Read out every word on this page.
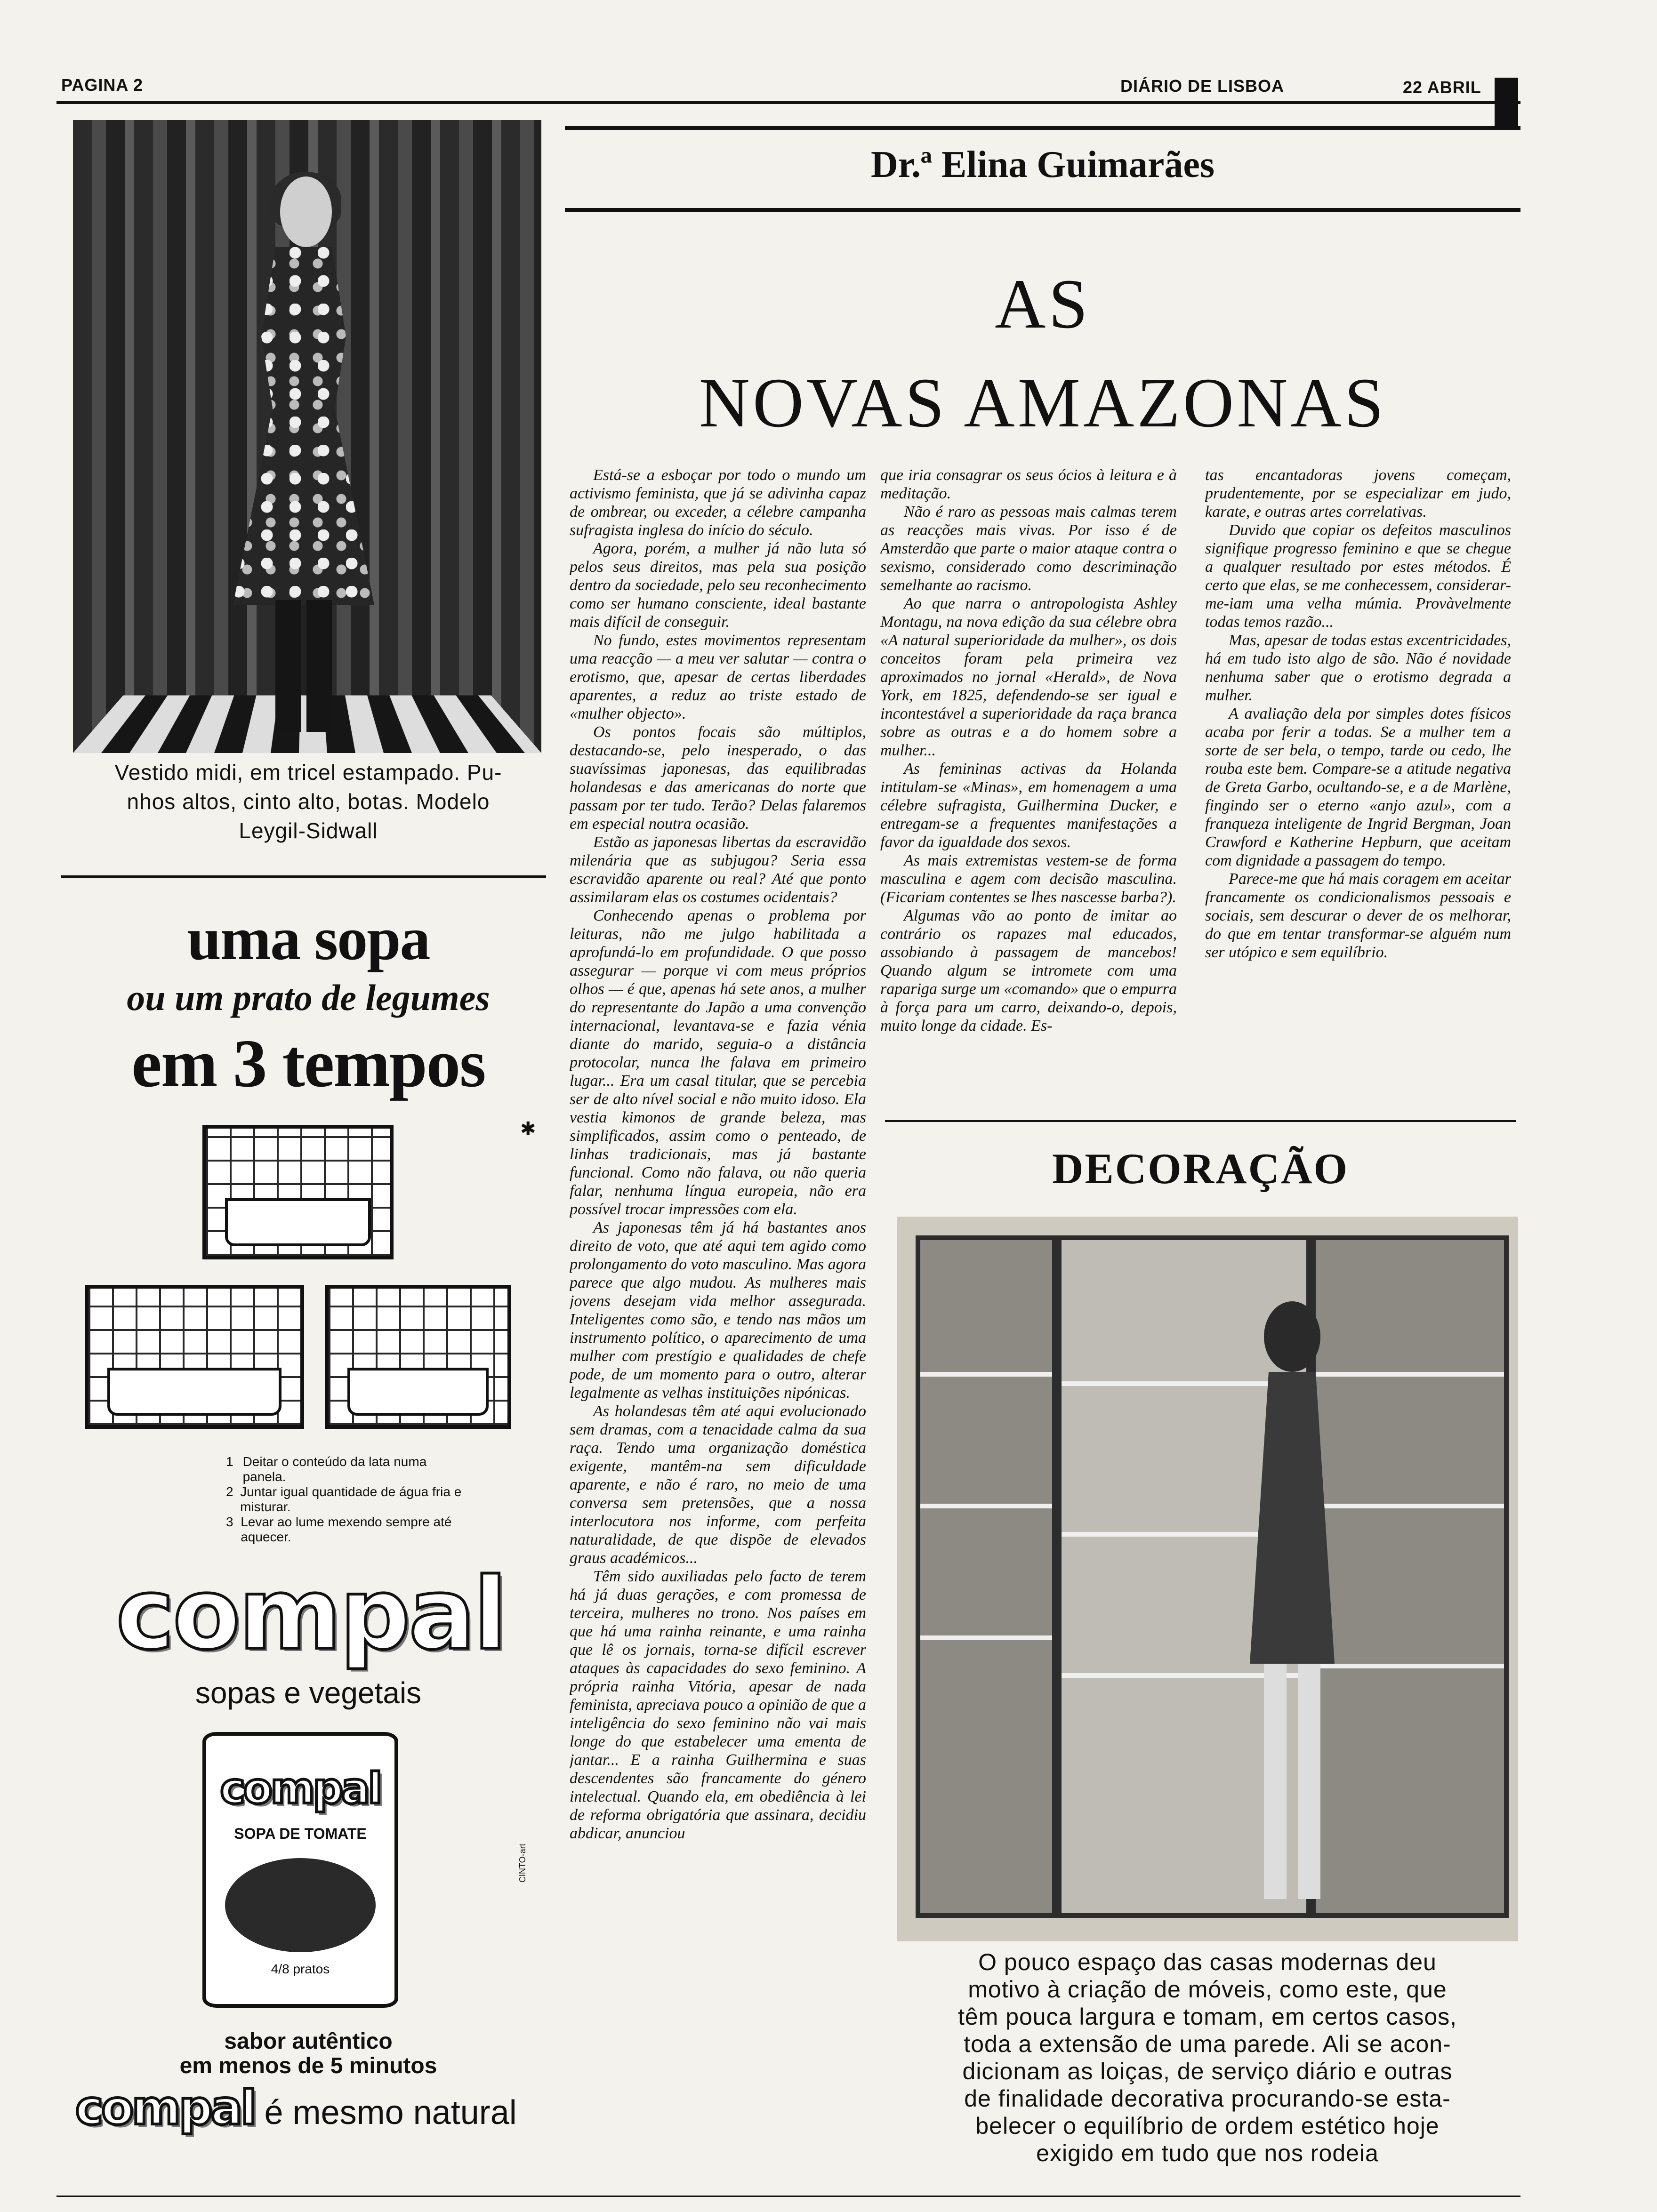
PAGINA 2	DIÁRIO DE LISBOA	22 ABRIL
Vestido midi, em tricel estampado. Pu-
nhos altos, cinto alto, botas. Modelo
Leygil-Sidwall
uma sopa
ou um prato de legumes
em 3 tempos
✱
1 Deitar o conteúdo da lata numa panela.
2 Juntar igual quantidade de água fria e misturar.
3 Levar ao lume mexendo sempre até aquecer.
compal
sopas e vegetais
compal
SOPA DE TOMATE
4/8 pratos
CINTO-art
sabor autêntico
em menos de 5 minutos
compal é mesmo natural
Dr.ª Elina Guimarães
AS
NOVAS AMAZONAS

Está-se a esboçar por todo o mundo um activismo feminista, que já se adivinha capaz de ombrear, ou exceder, a célebre campanha sufragista inglesa do início do século.

Agora, porém, a mulher já não luta só pelos seus direitos, mas pela sua posição dentro da sociedade, pelo seu reconhecimento como ser humano consciente, ideal bastante mais difícil de conseguir.

No fundo, estes movimentos representam uma reacção — a meu ver salutar — contra o erotismo, que, apesar de certas liberdades aparentes, a reduz ao triste estado de «mulher objecto».

Os pontos focais são múltiplos, destacando-se, pelo inesperado, o das suavíssimas japonesas, das equilibradas holandesas e das americanas do norte que passam por ter tudo. Terão? Delas falaremos em especial noutra ocasião.

Estão as japonesas libertas da escravidão milenária que as subjugou? Seria essa escravidão aparente ou real? Até que ponto assimilaram elas os costumes ocidentais?

Conhecendo apenas o problema por leituras, não me julgo habilitada a aprofundá-lo em profundidade. O que posso assegurar — porque vi com meus próprios olhos — é que, apenas há sete anos, a mulher do representante do Japão a uma convenção internacional, levantava-se e fazia vénia diante do marido, seguia-o a distância protocolar, nunca lhe falava em primeiro lugar... Era um casal titular, que se percebia ser de alto nível social e não muito idoso. Ela vestia kimonos de grande beleza, mas simplificados, assim como o penteado, de linhas tradicionais, mas já bastante funcional. Como não falava, ou não queria falar, nenhuma língua europeia, não era possível trocar impressões com ela.

As japonesas têm já há bastantes anos direito de voto, que até aqui tem agido como prolongamento do voto masculino. Mas agora parece que algo mudou. As mulheres mais jovens desejam vida melhor assegurada. Inteligentes como são, e tendo nas mãos um instrumento político, o aparecimento de uma mulher com prestígio e qualidades de chefe pode, de um momento para o outro, alterar legalmente as velhas instituições nipónicas.

As holandesas têm até aqui evolucionado sem dramas, com a tenacidade calma da sua raça. Tendo uma organização doméstica exigente, mantêm-na sem dificuldade aparente, e não é raro, no meio de uma conversa sem pretensões, que a nossa interlocutora nos informe, com perfeita naturalidade, de que dispõe de elevados graus académicos...

Têm sido auxiliadas pelo facto de terem há já duas gerações, e com promessa de terceira, mulheres no trono. Nos países em que há uma rainha reinante, e uma rainha que lê os jornais, torna-se difícil escrever ataques às capacidades do sexo feminino. A própria rainha Vitória, apesar de nada feminista, apreciava pouco a opinião de que a inteligência do sexo feminino não vai mais longe do que estabelecer uma ementa de jantar... E a rainha Guilhermina e suas descendentes são francamente do género intelectual. Quando ela, em obediência à lei de reforma obrigatória que assinara, decidiu abdicar, anunciou

que iria consagrar os seus ócios à leitura e à meditação.

Não é raro as pessoas mais calmas terem as reacções mais vivas. Por isso é de Amsterdão que parte o maior ataque contra o sexismo, considerado como descriminação semelhante ao racismo.

Ao que narra o antropologista Ashley Montagu, na nova edição da sua célebre obra «A natural superioridade da mulher», os dois conceitos foram pela primeira vez aproximados no jornal «Herald», de Nova York, em 1825, defendendo-se ser igual e incontestável a superioridade da raça branca sobre as outras e a do homem sobre a mulher...

As femininas activas da Holanda intitulam-se «Minas», em homenagem a uma célebre sufragista, Guilhermina Ducker, e entregam-se a frequentes manifestações a favor da igualdade dos sexos.

As mais extremistas vestem-se de forma masculina e agem com decisão masculina. (Ficariam contentes se lhes nascesse barba?).

Algumas vão ao ponto de imitar ao contrário os rapazes mal educados, assobiando à passagem de mancebos! Quando algum se intromete com uma rapariga surge um «comando» que o empurra à força para um carro, deixando-o, depois, muito longe da cidade. Es-

tas encantadoras jovens começam, prudentemente, por se especializar em judo, karate, e outras artes correlativas.

Duvido que copiar os defeitos masculinos signifique progresso feminino e que se chegue a qualquer resultado por estes métodos. É certo que elas, se me conhecessem, considerar-me-iam uma velha múmia. Provàvelmente todas temos razão...

Mas, apesar de todas estas excentricidades, há em tudo isto algo de são. Não é novidade nenhuma saber que o erotismo degrada a mulher.

A avaliação dela por simples dotes físicos acaba por ferir a todas. Se a mulher tem a sorte de ser bela, o tempo, tarde ou cedo, lhe rouba este bem. Compare-se a atitude negativa de Greta Garbo, ocultando-se, e a de Marlène, fingindo ser o eterno «anjo azul», com a franqueza inteligente de Ingrid Bergman, Joan Crawford e Katherine Hepburn, que aceitam com dignidade a passagem do tempo.

Parece-me que há mais coragem em aceitar francamente os condicionalismos pessoais e sociais, sem descurar o dever de os melhorar, do que em tentar transformar-se alguém num ser utópico e sem equilíbrio.

DECORAÇÃO
O pouco espaço das casas modernas deu
motivo à criação de móveis, como este, que
têm pouca largura e tomam, em certos casos,
toda a extensão de uma parede. Ali se acon-
dicionam as loiças, de serviço diário e outras
de finalidade decorativa procurando-se esta-
belecer o equilíbrio de ordem estético hoje
exigido em tudo que nos rodeia
